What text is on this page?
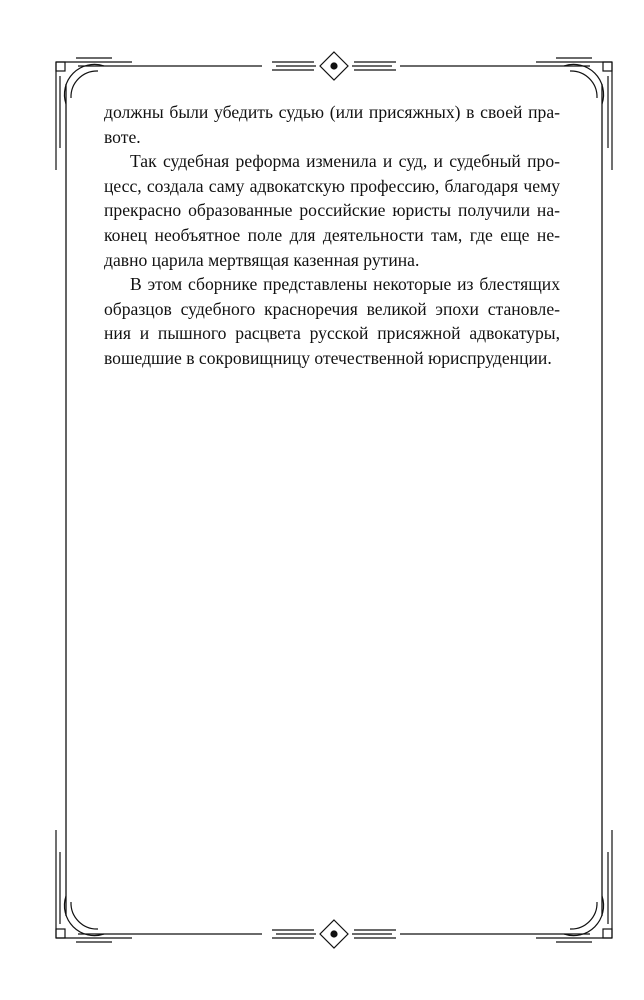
должны были убедить судью (или присяжных) в своей пра-
воте.
Так судебная реформа изменила и суд, и судебный про-
цесс, создала саму адвокатскую профессию, благодаря чему
прекрасно образованные российские юристы получили на-
конец необъятное поле для деятельности там, где еще не-
давно царила мертвящая казенная рутина.
В этом сборнике представлены некоторые из блестящих
образцов судебного красноречия великой эпохи становле-
ния и пышного расцвета русской присяжной адвокатуры,
вошедшие в сокровищницу отечественной юриспруденции.
